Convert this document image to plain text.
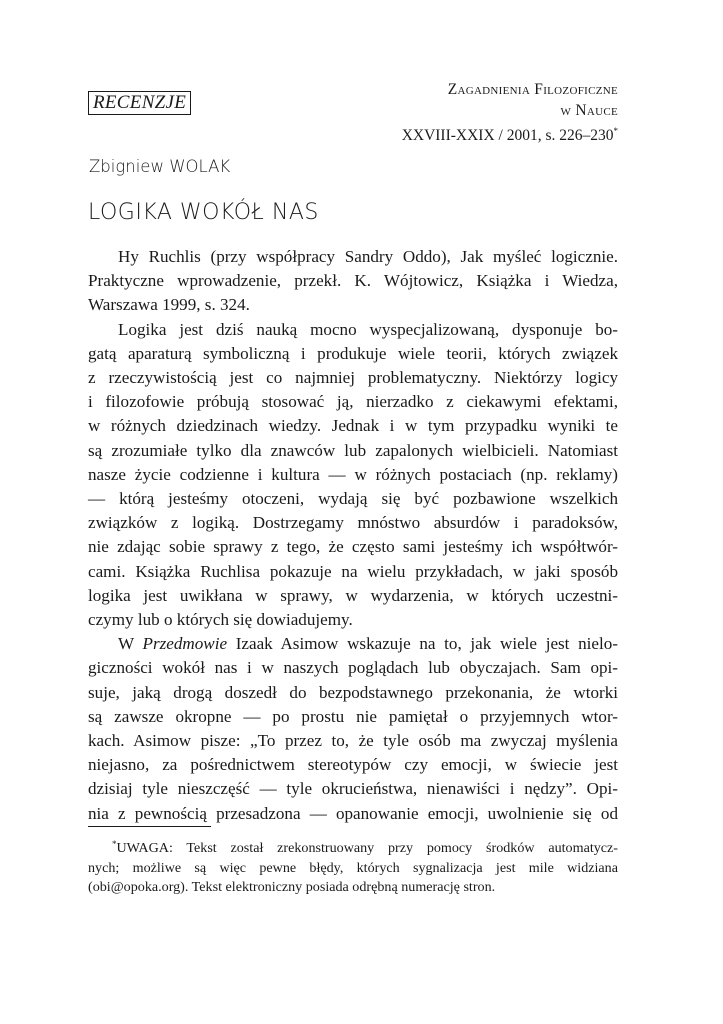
RECENZJE
Zagadnienia Filozoficzne
w Nauce
XXVIII-XXIX / 2001, s. 226–230*
Zbigniew WOLAK
LOGIKA WOKÓŁ NAS
Hy Ruchlis (przy współpracy Sandry Oddo), Jak myśleć logicznie.
Praktyczne wprowadzenie, przekł. K. Wójtowicz, Książka i Wiedza,
Warszawa 1999, s. 324.
Logika jest dziś nauką mocno wyspecjalizowaną, dysponuje bo-
gatą aparaturą symboliczną i produkuje wiele teorii, których związek
z rzeczywistością jest co najmniej problematyczny. Niektórzy logicy
i filozofowie próbują stosować ją, nierzadko z ciekawymi efektami,
w różnych dziedzinach wiedzy. Jednak i w tym przypadku wyniki te
są zrozumiałe tylko dla znawców lub zapalonych wielbicieli. Natomiast
nasze życie codzienne i kultura — w różnych postaciach (np. reklamy)
— którą jesteśmy otoczeni, wydają się być pozbawione wszelkich
związków z logiką. Dostrzegamy mnóstwo absurdów i paradoksów,
nie zdając sobie sprawy z tego, że często sami jesteśmy ich współtwór-
cami. Książka Ruchlisa pokazuje na wielu przykładach, w jaki sposób
logika jest uwikłana w sprawy, w wydarzenia, w których uczestni-
czymy lub o których się dowiadujemy.
W Przedmowie Izaak Asimow wskazuje na to, jak wiele jest nielo-
giczności wokół nas i w naszych poglądach lub obyczajach. Sam opi-
suje, jaką drogą doszedł do bezpodstawnego przekonania, że wtorki
są zawsze okropne — po prostu nie pamiętał o przyjemnych wtor-
kach. Asimow pisze: „To przez to, że tyle osób ma zwyczaj myślenia
niejasno, za pośrednictwem stereotypów czy emocji, w świecie jest
dzisiaj tyle nieszczęść — tyle okrucieństwa, nienawiści i nędzy”. Opi-
nia z pewnością przesadzona — opanowanie emocji, uwolnienie się od
*UWAGA: Tekst został zrekonstruowany przy pomocy środków automatycz-
nych; możliwe są więc pewne błędy, których sygnalizacja jest mile widziana
(obi@opoka.org). Tekst elektroniczny posiada odrębną numerację stron.
